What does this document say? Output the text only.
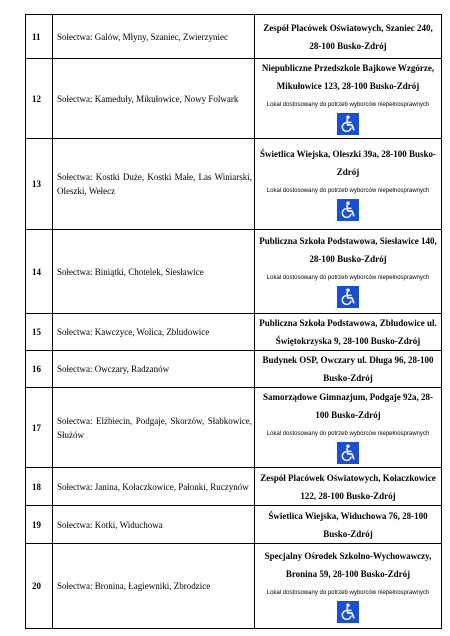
11	Sołectwa: Galów, Młyny, Szaniec, Zwierzyniec	Zespół Placówek Oświatowych, Szaniec 240, 28-100 Busko-Zdrój

12	Sołectwa: Kameduły, Mikułowice, Nowy Folwark	Niepubliczne Przedszkole Bajkowe Wzgórze, Mikułowice 123, 28-100 Busko-Zdrój
Lokal dostosowany do potrzeb wyborców niepełnosprawnych

13	Sołectwa: Kostki Duże, Kostki Małe, Las Winiarski, Oleszki, Wełecz	Świetlica Wiejska, Oleszki 39a, 28-100 Busko-Zdrój
Lokal dostosowany do potrzeb wyborców niepełnosprawnych

14	Sołectwa: Biniątki, Chotelek, Siesławice	Publiczna Szkoła Podstawowa, Siesławice 140, 28-100 Busko-Zdrój
Lokal dostosowany do potrzeb wyborców niepełnosprawnych

15	Sołectwa: Kawczyce, Wolica, Zbludowice	Publiczna Szkoła Podstawowa, Zbludowice ul. Świętokrzyska 9, 28-100 Busko-Zdrój

16	Sołectwa: Owczary, Radzanów	Budynek OSP, Owczary ul. Długa 96, 28-100 Busko-Zdrój

17	Sołectwa: Elżbiecin, Podgaje, Skorzów, Słabkowice, Służów	Samorządowe Gimnazjum, Podgaje 92a, 28-100 Busko-Zdrój
Lokal dostosowany do potrzeb wyborców niepełnosprawnych

18	Sołectwa: Janina, Kołaczkowice, Pałonki, Ruczynów	Zespół Placówek Oświatowych, Kołaczkowice 122, 28-100 Busko-Zdrój

19	Sołectwa: Kotki, Widuchowa	Świetlica Wiejska, Widuchowa 76, 28-100 Busko-Zdrój

20	Sołectwa: Bronina, Łagiewniki, Zbrodzice	Specjalny Ośrodek Szkolno-Wychowawczy, Bronina 59, 28-100 Busko-Zdrój
Lokal dostosowany do potrzeb wyborców niepełnosprawnych
